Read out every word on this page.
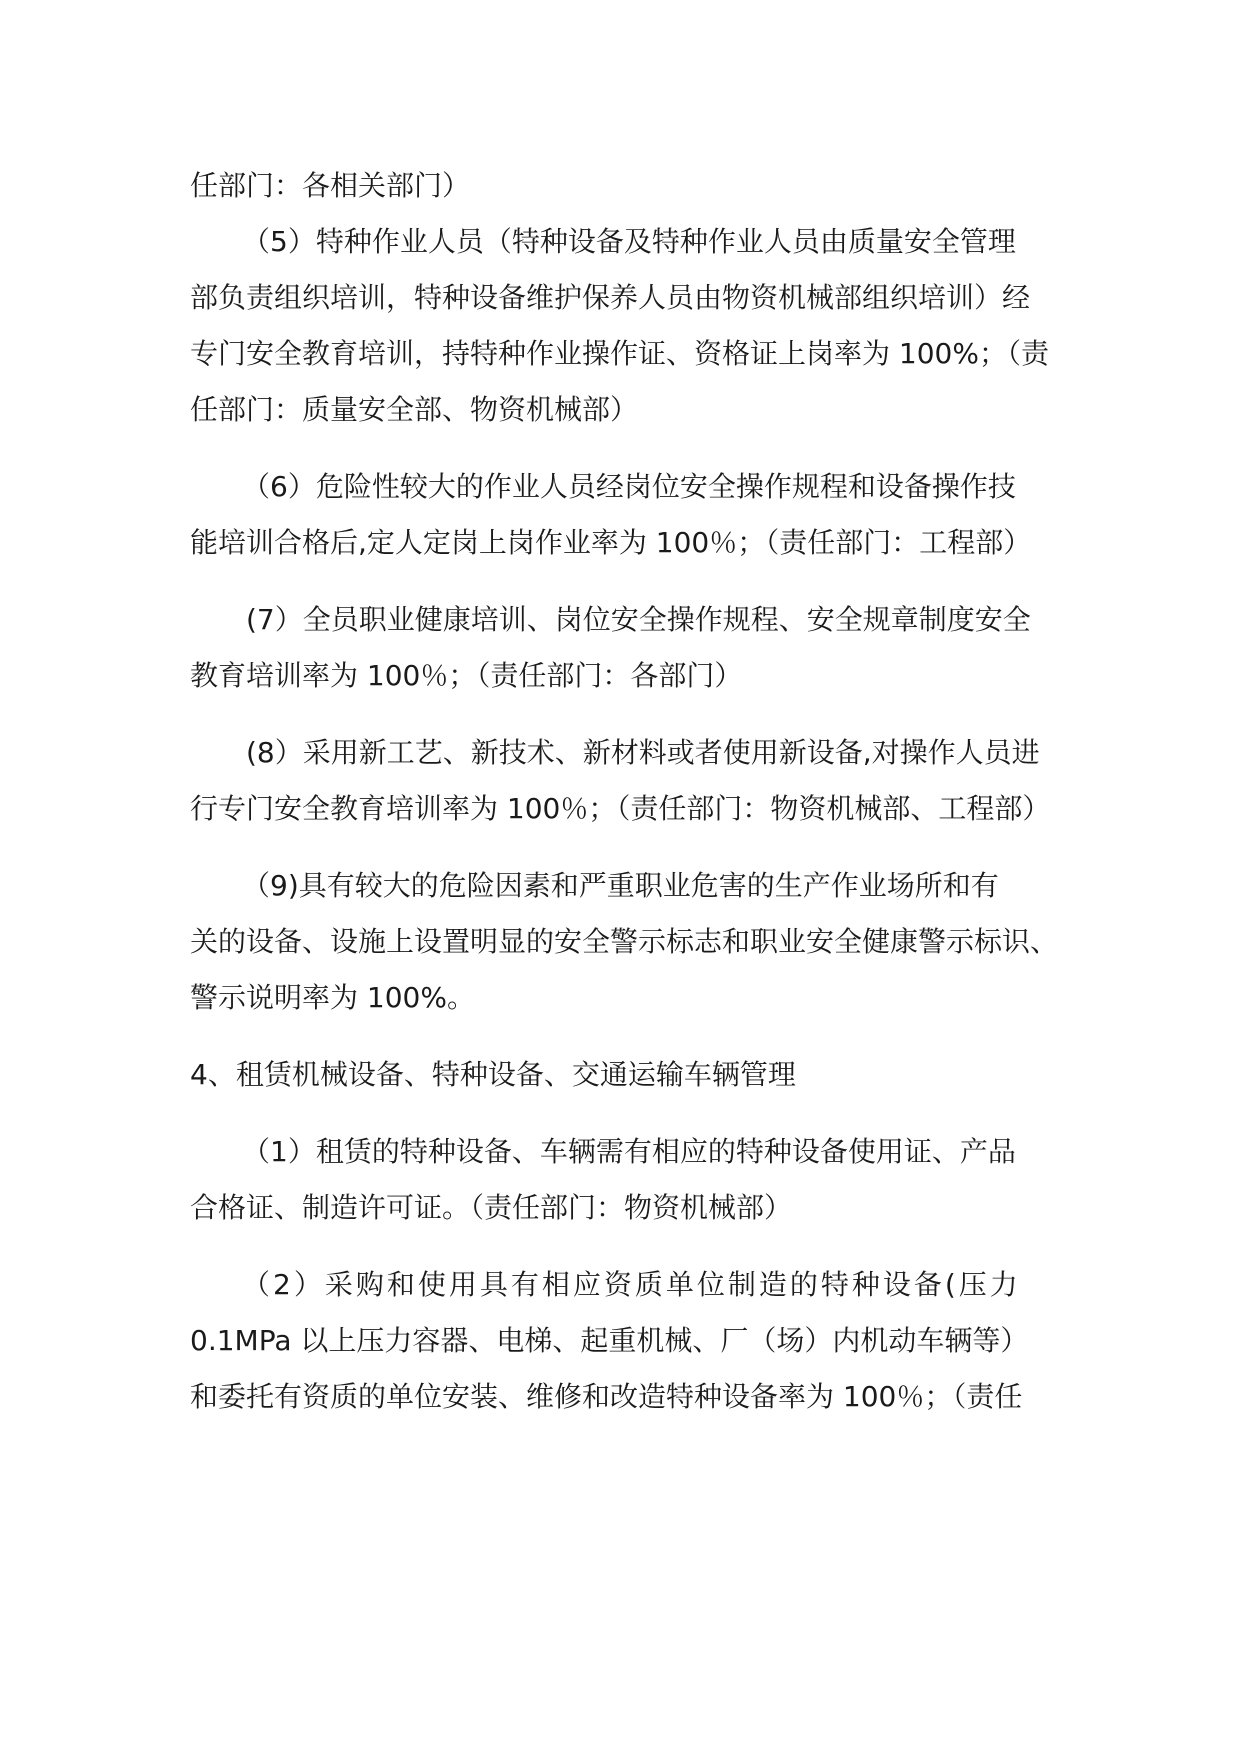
任部门：各相关部门）
（5）特种作业人员（特种设备及特种作业人员由质量安全管理
部负责组织培训，特种设备维护保养人员由物资机械部组织培训）经
专门安全教育培训，持特种作业操作证、资格证上岗率为 100%；（责
任部门：质量安全部、物资机械部）
（6）危险性较大的作业人员经岗位安全操作规程和设备操作技
能培训合格后,定人定岗上岗作业率为 100％；（责任部门：工程部）
(7）全员职业健康培训、岗位安全操作规程、安全规章制度安全
教育培训率为 100％；（责任部门：各部门）
(8）采用新工艺、新技术、新材料或者使用新设备,对操作人员进
行专门安全教育培训率为 100％；（责任部门：物资机械部、工程部）
（9)具有较大的危险因素和严重职业危害的生产作业场所和有
关的设备、设施上设置明显的安全警示标志和职业安全健康警示标识、
警示说明率为 100%。
4、租赁机械设备、特种设备、交通运输车辆管理
（1）租赁的特种设备、车辆需有相应的特种设备使用证、产品
合格证、制造许可证。（责任部门：物资机械部）
（2）采购和使用具有相应资质单位制造的特种设备(压力
0.1MPa 以上压力容器、电梯、起重机械、厂（场）内机动车辆等）
和委托有资质的单位安装、维修和改造特种设备率为 100％；（责任
